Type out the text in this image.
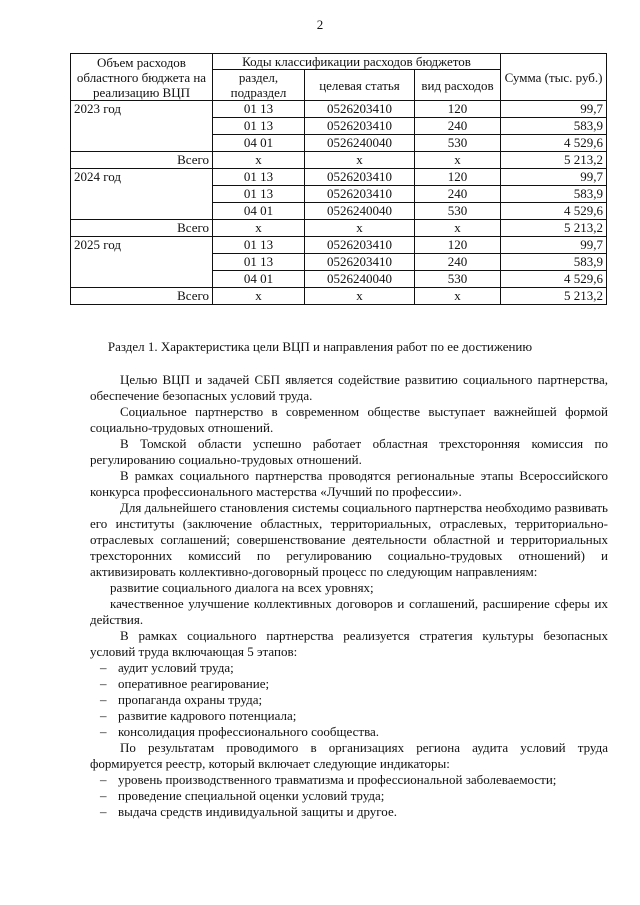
2
Объем расходов областного бюджета на реализацию ВЦП	Коды классификации расходов бюджетов			Сумма (тыс. руб.)
	раздел, подраздел	целевая статья	вид расходов	
2023 год	01 13	0526203410	120	99,7
	01 13	0526203410	240	583,9
	04 01	0526240040	530	4 529,6
Всего	х	х	х	5 213,2
2024 год	01 13	0526203410	120	99,7
	01 13	0526203410	240	583,9
	04 01	0526240040	530	4 529,6
Всего	х	х	х	5 213,2
2025 год	01 13	0526203410	120	99,7
	01 13	0526203410	240	583,9
	04 01	0526240040	530	4 529,6
Всего	х	х	х	5 213,2
Раздел 1. Характеристика цели ВЦП и направления работ по ее достижению

Целью ВЦП и задачей СБП является содействие развитию социального партнерства, обеспечение безопасных условий труда.

Социальное партнерство в современном обществе выступает важнейшей формой социально-трудовых отношений.

В Томской области успешно работает областная трехсторонняя комиссия по регулированию социально-трудовых отношений.

В рамках социального партнерства проводятся региональные этапы Всероссийского конкурса профессионального мастерства «Лучший по профессии».

Для дальнейшего становления системы социального партнерства необходимо развивать его институты (заключение областных, территориальных, отраслевых, территориально-отраслевых соглашений; совершенствование деятельности областной и территориальных трехсторонних комиссий по регулированию социально-трудовых отношений) и активизировать коллективно-договорный процесс по следующим направлениям:

развитие социального диалога на всех уровнях;

качественное улучшение коллективных договоров и соглашений, расширение сферы их действия.

В рамках социального партнерства реализуется стратегия культуры безопасных условий труда включающая 5 этапов:

– аудит условий труда;
– оперативное реагирование;
– пропаганда охраны труда;
– развитие кадрового потенциала;
– консолидация профессионального сообщества.

По результатам проводимого в организациях региона аудита условий труда формируется реестр, который включает следующие индикаторы:

– уровень производственного травматизма и профессиональной заболеваемости;
– проведение специальной оценки условий труда;
– выдача средств индивидуальной защиты и другое.
